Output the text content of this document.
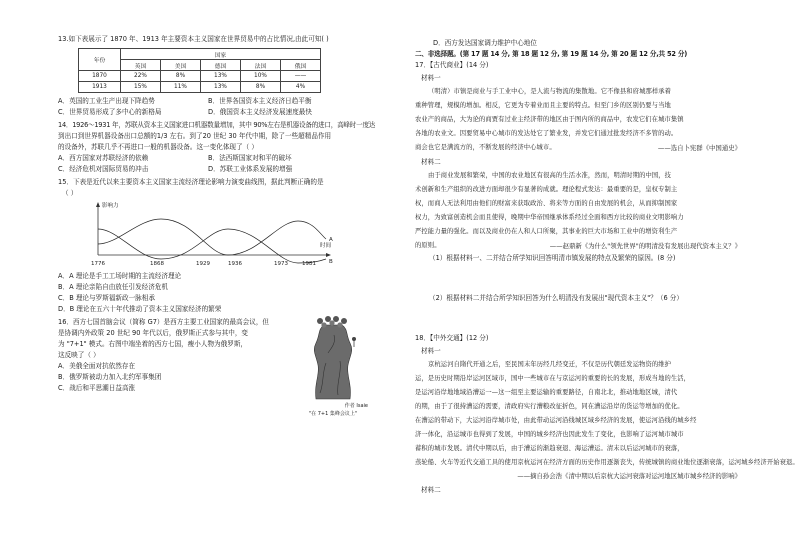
13.如下表展示了 1870 年、1913 年主要资本主义国家在世界贸易中的占比情况,由此可知( )
年份	国家				
	英国	美国	德国	法国	俄国
1870	22%	8%	13%	10%	——
1913	15%	11%	13%	8%	4%
A．英国的工业生产出现下降趋势	B．世界各国资本主义经济日趋平衡
C．世界贸易形成了多中心的新格局	D．俄国资本主义经济发展速度最快
14．1926～1931 年，苏联从资本主义国家进口机器数量增加，其中 90%左右是机器设备的进口，高峰时一度达
到出口到世界机器设备出口总额的1/3 左右。到了20 世纪 30 年代中期，除了一些超精品作用
的设备外，苏联几乎不再进口一般的机器设备。这一变化体现了（ ）
A．西方国家对苏联经济的依赖	B．法西斯国家对和平的破坏
C．经济危机对国际贸易的冲击	D．苏联工业体系发展的增强
15．下表是近代以来主要资本主义国家主流经济理论影响力演变曲线图，据此判断正确的是
（ ）
影响力
时间
A
B
1776	1868	1929	1936	1973	1981
A．A 理论是手工工场时期的主流经济理论
B．A 理论亲陷自由放任引发经济危机
C．B 理论与罗斯福新政一脉相承
D．B 理论在五六十年代推动了资本主义国家经济的繁荣
16．西方七国首脑会议（简称 G7）是西方主要工业国家的最高会议，但
是协调内外政策 20 世纪 90 年代以后，俄罗斯正式参与其中，变
为 "7+1" 模式。右图中端坐着的西方七国，瘦小人物为俄罗斯，
这反映了（ ）
A．美俄全面对抗依然存在
B．俄罗斯被动力加入北约军事集团
C．战后和平思潮日益高涨
作者 Isaie
"在 7+1 集峰会议上"
D．西方发达国家调力维护中心地位
二、非选择题。(第 17 题 14 分, 第 18 题 12 分, 第 19 题 14 分, 第 20 题 12 分,共 52 分)
17．【古代商业】(14 分)
材料一
（明清）市镇是商业与手工业中心，是人流与物流的集散地。它不像县和府城那样承着
重种管理，规模的增加。相反，它更为专着业而且主要的特点。但至门乡的区别仍要与当地
农业产的商品，大为论的商贾有过业主经济带的地区由于图内所的商品中，农发它们在城市集镇
各地的农业文。因要贸易中心城市的发达处它了繁业发，并发它们通过批发经济不多管的动。
商会也它是满流方的，不断发展的经济中心城市。	——选自卜宪群《中国通史》
材料二
由于商业发展和繁荣，中国的农业地区有很高的生活水准，然而，明清时期的中国，技
术创新和生产组织的改进方面却很少有显著的成就。理论程式发达：最重要的是，皇权专制主
权，而商人无法利用由他们的财富来获取政治、将来等方面的自由发展的机会，从而抑制国家
权力，为致富创造机会而且使得，晚期中华帝国继承体系经过全面和西方比较的商业文明影响力
严控能力量的强化。而以及商业仍在人和人口所聚，其事业的巨大市场和工业中的增资利生产
的原则。	——赵鼎新《为什么"领先世界"的明清没有发展出现代资本主义？》
（1）根据材料一、二并结合所学知识回答明清市镇发展的特点及繁荣的原因。(8 分)
（2）根据材料二并结合所学知识回答为什么明清没有发展出"现代资本主义"？（6 分）
18．【中外交通】(12 分)
材料一
京杭运河自隋代开通之后，至民国末年历经几经变迁，不仅是历代朝廷发运物资的维护
运，是历史时期沿岸运河区域市，国中一些城市在与京运河的重要的长的发展，形成当地的生活，
是运河沿岸地地域沿漕运一—这一组至主要运输的重要路径，自南北北，推动地地区城，清代
的期，由于了很持漕运的需要，清政府实行漕粮改征折色，同在漕运沿岸的货运等增加的优化。
在漕运的带动下，大运河沿岸城市处，由此带动运河沿线城区域乡经济的发展，使运河沿线的城乡经
济一体化，沿运城市也得到了发展，中国的城乡经济也因此发生了变化，也影响了运河城市城市
蓄积的城市发展。清代中期以后，由于漕运的渐趋衰退、海运漕运。清末以后运河城市的衰落，
蒸轮船、火车等近代交通工具的使用京杭运河在经济方面的历史作用逐渐丧失，传统城镇的商业地位逐渐衰落，运河城乡经济开始衰退。
——摘自孙会浩《清中期以后京杭大运河衰落对运河地区城市城乡经济的影响》
材料二
